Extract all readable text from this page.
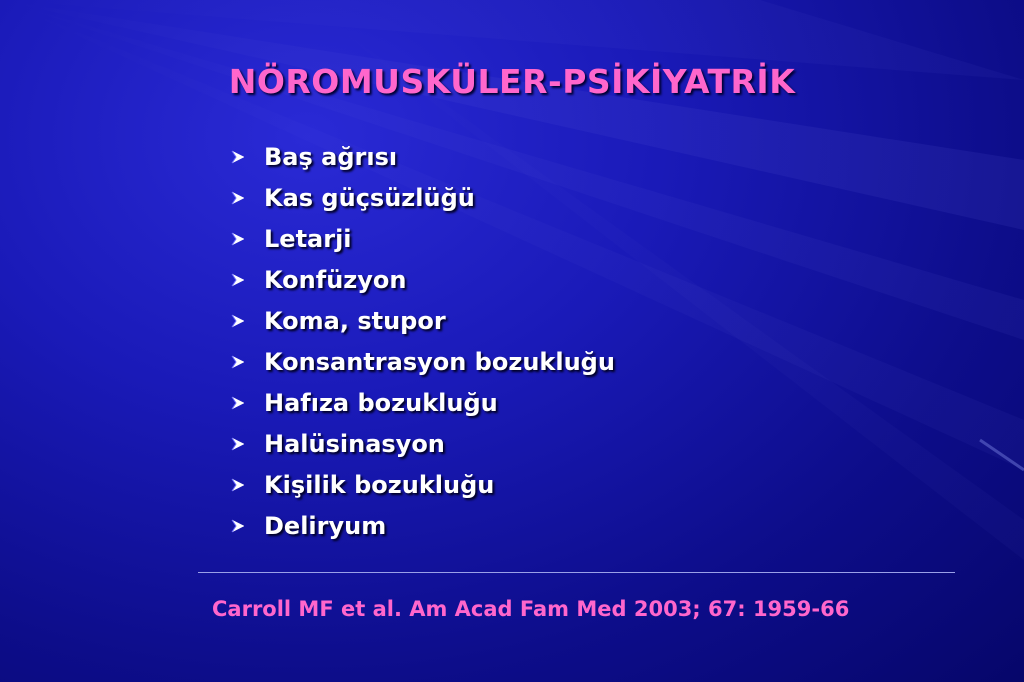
NÖROMUSKÜLER-PSİKİYATRİK
Baş ağrısı
Kas güçsüzlüğü
Letarji
Konfüzyon
Koma, stupor
Konsantrasyon bozukluğu
Hafıza bozukluğu
Halüsinasyon
Kişilik bozukluğu
Deliryum
Carroll MF et al. Am Acad Fam Med 2003; 67: 1959-66
